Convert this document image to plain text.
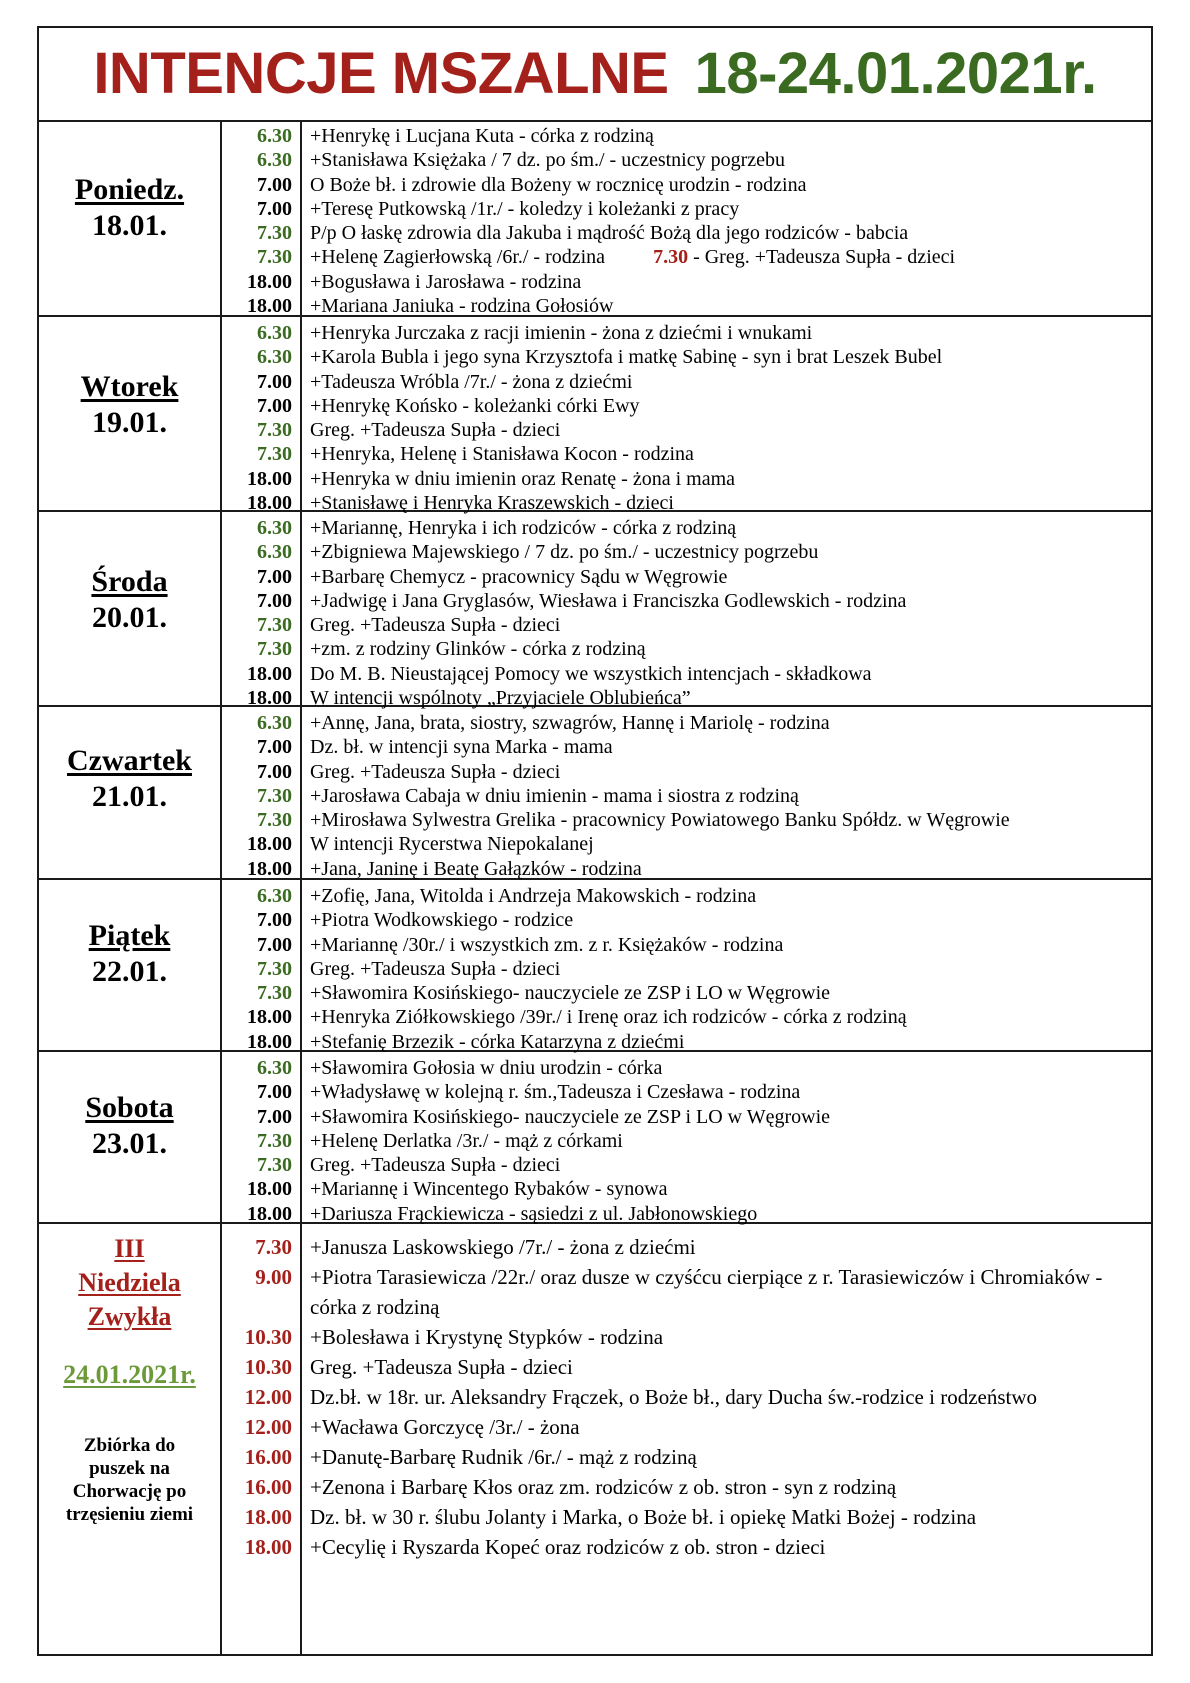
INTENCJE MSZALNE 18-24.01.2021r.
Poniedz.
18.01.
6.30
6.30
7.00
7.00
7.30
7.30
18.00
18.00
+Henrykę i Lucjana Kuta - córka z rodziną
+Stanisława Księżaka / 7 dz. po śm./ - uczestnicy pogrzebu
O Boże bł. i zdrowie dla Bożeny w rocznicę urodzin - rodzina
+Teresę Putkowską /1r./ - koledzy i koleżanki z pracy
P/p O łaskę zdrowia dla Jakuba i mądrość Bożą dla jego rodziców - babcia
+Helenę Zagierłowską /6r./ - rodzina 7.30 - Greg. +Tadeusza Supła - dzieci
+Bogusława i Jarosława - rodzina
+Mariana Janiuka - rodzina Gołosiów
Wtorek
19.01.
6.30
6.30
7.00
7.00
7.30
7.30
18.00
18.00
+Henryka Jurczaka z racji imienin - żona z dziećmi i wnukami
+Karola Bubla i jego syna Krzysztofa i matkę Sabinę - syn i brat Leszek Bubel
+Tadeusza Wróbla /7r./ - żona z dziećmi
+Henrykę Końsko - koleżanki córki Ewy
Greg. +Tadeusza Supła - dzieci
+Henryka, Helenę i Stanisława Kocon - rodzina
+Henryka w dniu imienin oraz Renatę - żona i mama
+Stanisławę i Henryka Kraszewskich - dzieci
Środa
20.01.
6.30
6.30
7.00
7.00
7.30
7.30
18.00
18.00
+Mariannę, Henryka i ich rodziców - córka z rodziną
+Zbigniewa Majewskiego / 7 dz. po śm./ - uczestnicy pogrzebu
+Barbarę Chemycz - pracownicy Sądu w Węgrowie
+Jadwigę i Jana Gryglasów, Wiesława i Franciszka Godlewskich - rodzina
Greg. +Tadeusza Supła - dzieci
+zm. z rodziny Glinków - córka z rodziną
Do M. B. Nieustającej Pomocy we wszystkich intencjach - składkowa
W intencji wspólnoty „Przyjaciele Oblubieńca”
Czwartek
21.01.
6.30
7.00
7.00
7.30
7.30
18.00
18.00
+Annę, Jana, brata, siostry, szwagrów, Hannę i Mariolę - rodzina
Dz. bł. w intencji syna Marka - mama
Greg. +Tadeusza Supła - dzieci
+Jarosława Cabaja w dniu imienin - mama i siostra z rodziną
+Mirosława Sylwestra Grelika - pracownicy Powiatowego Banku Spółdz. w Węgrowie
W intencji Rycerstwa Niepokalanej
+Jana, Janinę i Beatę Gałązków - rodzina
Piątek
22.01.
6.30
7.00
7.00
7.30
7.30
18.00
18.00
+Zofię, Jana, Witolda i Andrzeja Makowskich - rodzina
+Piotra Wodkowskiego - rodzice
+Mariannę /30r./ i wszystkich zm. z r. Księżaków - rodzina
Greg. +Tadeusza Supła - dzieci
+Sławomira Kosińskiego- nauczyciele ze ZSP i LO w Węgrowie
+Henryka Ziółkowskiego /39r./ i Irenę oraz ich rodziców - córka z rodziną
+Stefanię Brzezik - córka Katarzyna z dziećmi
Sobota
23.01.
6.30
7.00
7.00
7.30
7.30
18.00
18.00
+Sławomira Gołosia w dniu urodzin - córka
+Władysławę w kolejną r. śm.,Tadeusza i Czesława - rodzina
+Sławomira Kosińskiego- nauczyciele ze ZSP i LO w Węgrowie
+Helenę Derlatka /3r./ - mąż z córkami
Greg. +Tadeusza Supła - dzieci
+Mariannę i Wincentego Rybaków - synowa
+Dariusza Frąckiewicza - sąsiedzi z ul. Jabłonowskiego
III
Niedziela
Zwykła
24.01.2021r.
Zbiórka do
puszek na
Chorwację po
trzęsieniu ziemi
7.30
9.00
10.30
10.30
12.00
12.00
16.00
16.00
18.00
18.00
+Janusza Laskowskiego /7r./ - żona z dziećmi
+Piotra Tarasiewicza /22r./ oraz dusze w czyśćcu cierpiące z r. Tarasiewiczów i Chromiaków -córka z rodziną
+Bolesława i Krystynę Stypków - rodzina
Greg. +Tadeusza Supła - dzieci
Dz.bł. w 18r. ur. Aleksandry Frączek, o Boże bł., dary Ducha św.-rodzice i rodzeństwo
+Wacława Gorczycę /3r./ - żona
+Danutę-Barbarę Rudnik /6r./ - mąż z rodziną
+Zenona i Barbarę Kłos oraz zm. rodziców z ob. stron - syn z rodziną
Dz. bł. w 30 r. ślubu Jolanty i Marka, o Boże bł. i opiekę Matki Bożej - rodzina
+Cecylię i Ryszarda Kopeć oraz rodziców z ob. stron - dzieci
